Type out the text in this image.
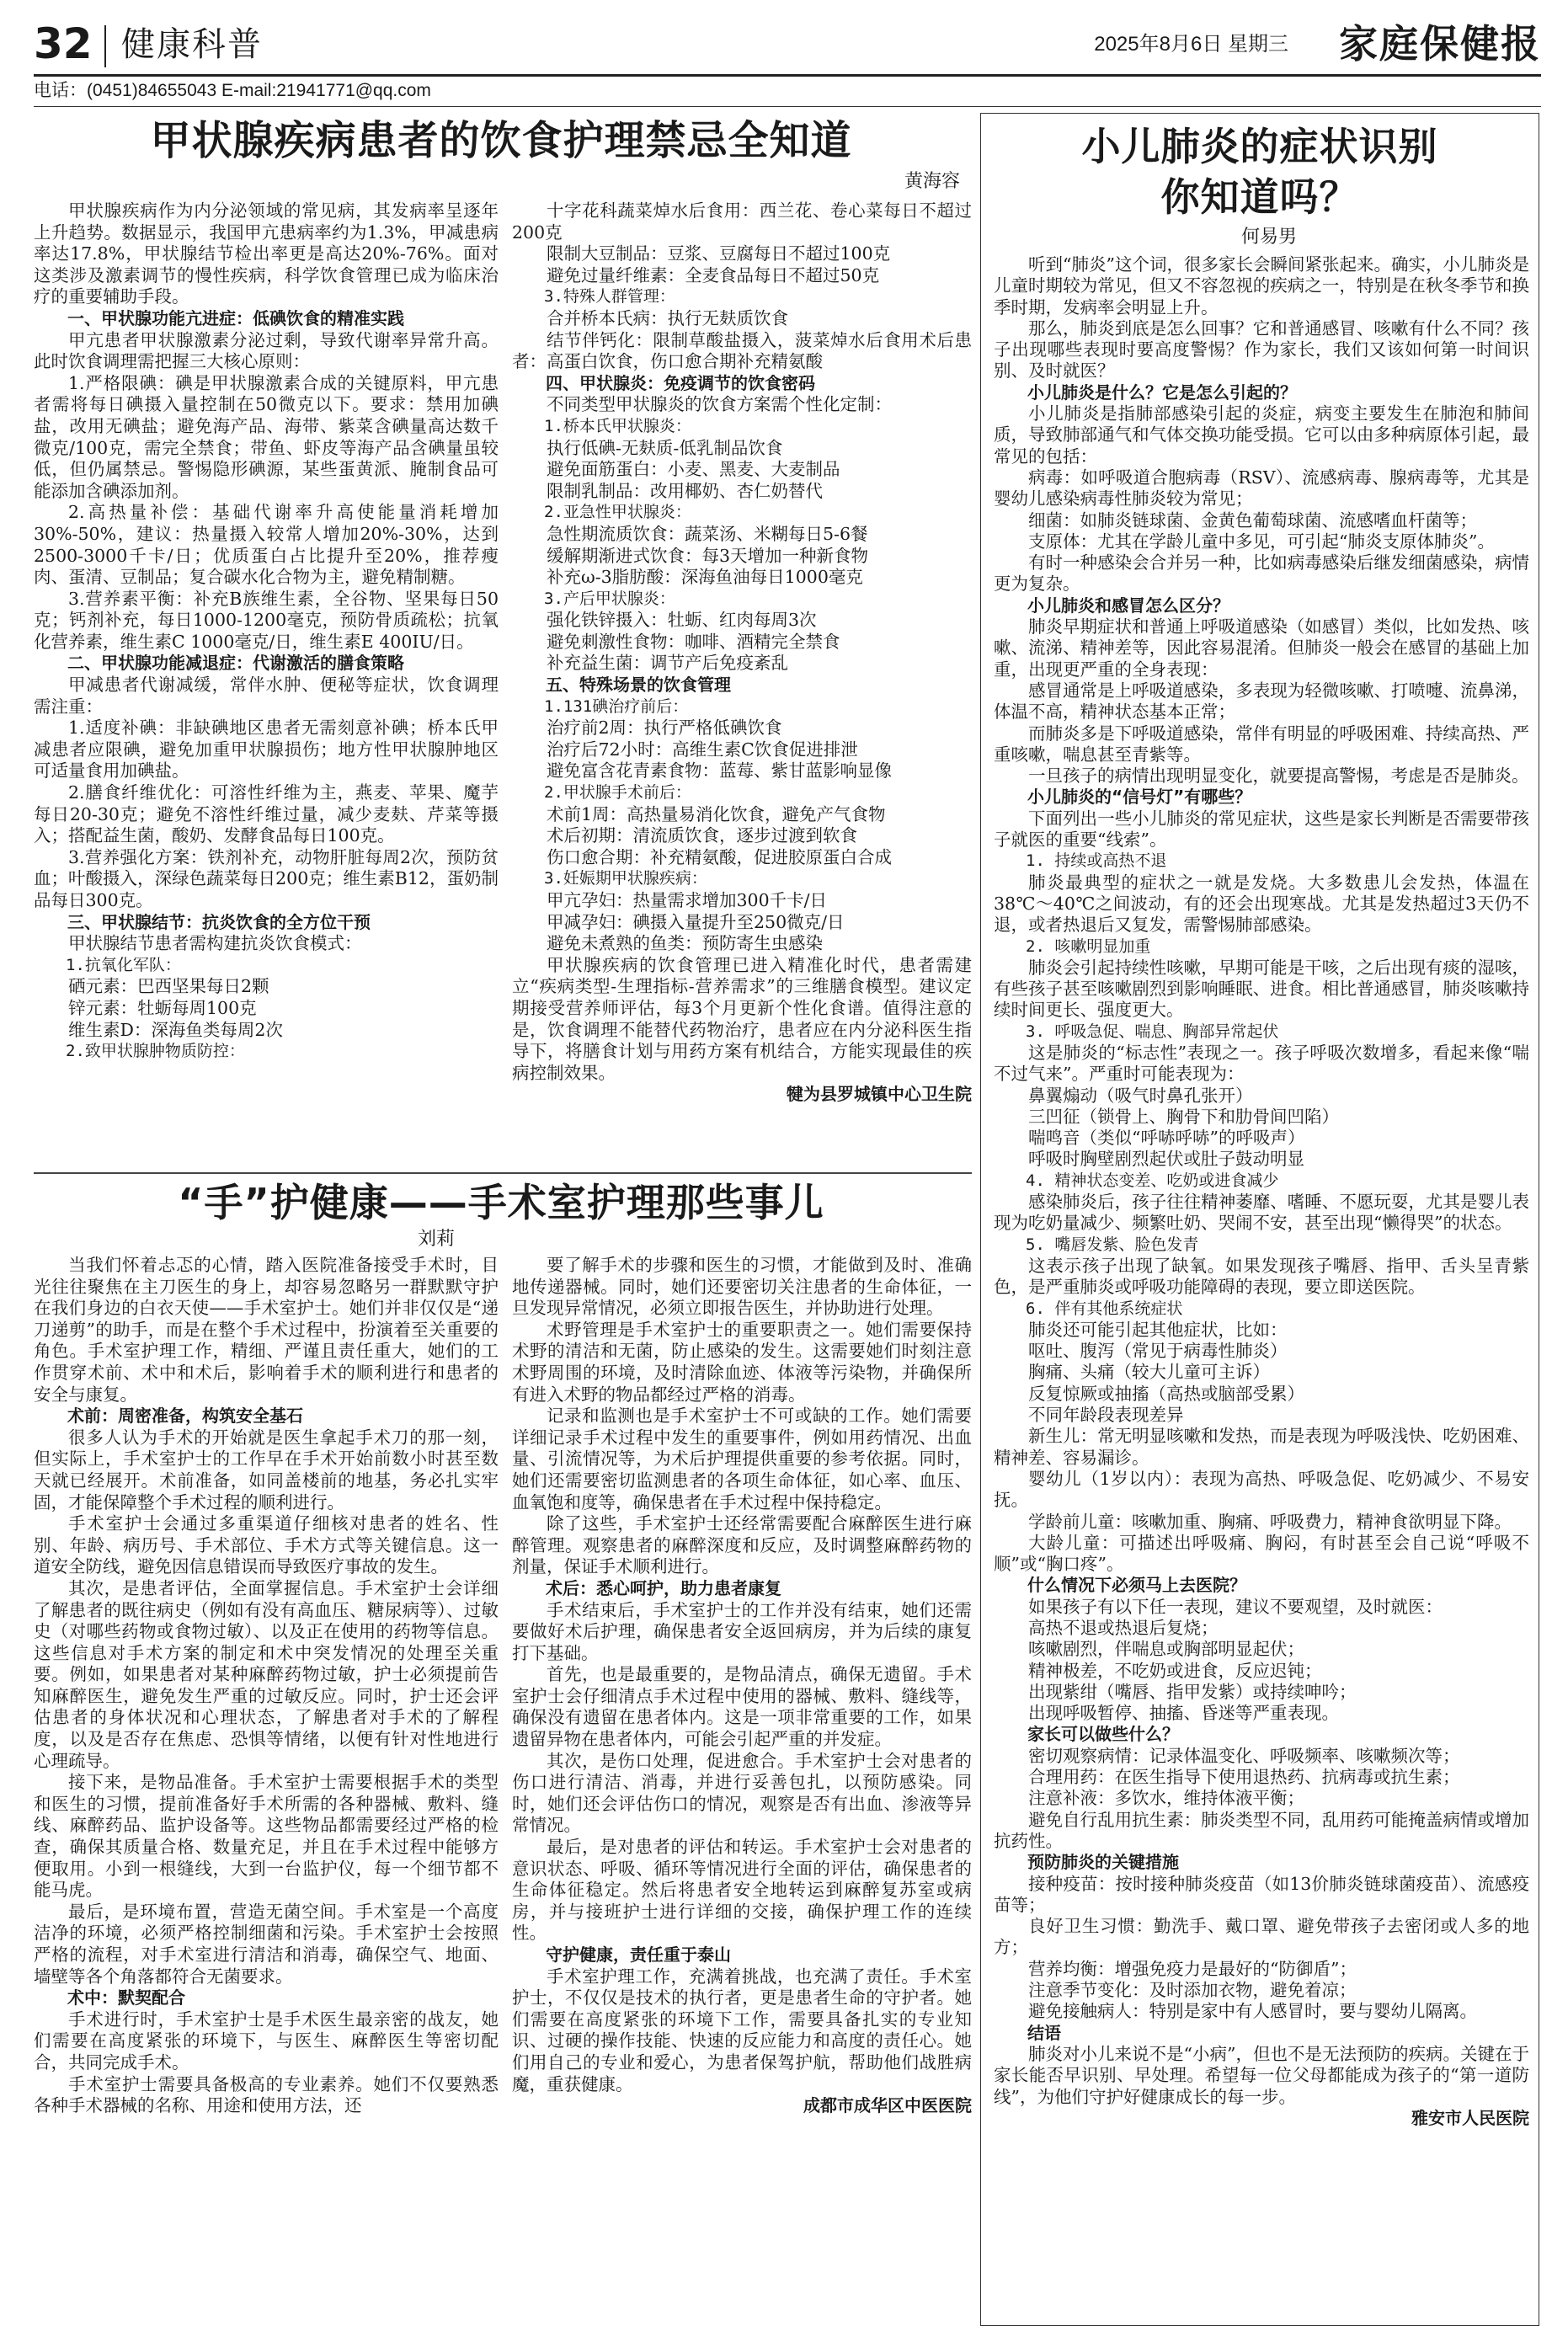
32 健康科普	2025年8月6日 星期三 家庭保健报
电话：(0451)84655043 E-mail:21941771@qq.com
甲状腺疾病患者的饮食护理禁忌全知道
黄海容

甲状腺疾病作为内分泌领域的常见病，其发病率呈逐年上升趋势。数据显示，我国甲亢患病率约为1.3%，甲减患病率达17.8%，甲状腺结节检出率更是高达20%-76%。面对这类涉及激素调节的慢性疾病，科学饮食管理已成为临床治疗的重要辅助手段。

一、甲状腺功能亢进症：低碘饮食的精准实践

甲亢患者甲状腺激素分泌过剩，导致代谢率异常升高。此时饮食调理需把握三大核心原则：

1.严格限碘：碘是甲状腺激素合成的关键原料，甲亢患者需将每日碘摄入量控制在50微克以下。要求：禁用加碘盐，改用无碘盐；避免海产品、海带、紫菜含碘量高达数千微克/100克，需完全禁食；带鱼、虾皮等海产品含碘量虽较低，但仍属禁忌。警惕隐形碘源，某些蛋黄派、腌制食品可能添加含碘添加剂。

2.高热量补偿：基础代谢率升高使能量消耗增加30%-50%，建议：热量摄入较常人增加20%-30%，达到2500-3000千卡/日；优质蛋白占比提升至20%，推荐瘦肉、蛋清、豆制品；复合碳水化合物为主，避免精制糖。

3.营养素平衡：补充B族维生素，全谷物、坚果每日50克；钙剂补充，每日1000-1200毫克，预防骨质疏松；抗氧化营养素，维生素C 1000毫克/日，维生素E 400IU/日。

二、甲状腺功能减退症：代谢激活的膳食策略

甲减患者代谢减缓，常伴水肿、便秘等症状，饮食调理需注重：

1.适度补碘：非缺碘地区患者无需刻意补碘；桥本氏甲减患者应限碘，避免加重甲状腺损伤；地方性甲状腺肿地区可适量食用加碘盐。

2.膳食纤维优化：可溶性纤维为主，燕麦、苹果、魔芋每日20-30克；避免不溶性纤维过量，减少麦麸、芹菜等摄入；搭配益生菌，酸奶、发酵食品每日100克。

3.营养强化方案：铁剂补充，动物肝脏每周2次，预防贫血；叶酸摄入，深绿色蔬菜每日200克；维生素B12，蛋奶制品每日300克。

三、甲状腺结节：抗炎饮食的全方位干预

甲状腺结节患者需构建抗炎饮食模式：

1.抗氧化军队：

硒元素：巴西坚果每日2颗

锌元素：牡蛎每周100克

维生素D：深海鱼类每周2次

2.致甲状腺肿物质防控：

十字花科蔬菜焯水后食用：西兰花、卷心菜每日不超过200克

限制大豆制品：豆浆、豆腐每日不超过100克

避免过量纤维素：全麦食品每日不超过50克

3.特殊人群管理：

合并桥本氏病：执行无麸质饮食

结节伴钙化：限制草酸盐摄入，菠菜焯水后食用术后患者：高蛋白饮食，伤口愈合期补充精氨酸

四、甲状腺炎：免疫调节的饮食密码

不同类型甲状腺炎的饮食方案需个性化定制：

1.桥本氏甲状腺炎：

执行低碘-无麸质-低乳制品饮食

避免面筋蛋白：小麦、黑麦、大麦制品

限制乳制品：改用椰奶、杏仁奶替代

2.亚急性甲状腺炎：

急性期流质饮食：蔬菜汤、米糊每日5-6餐

缓解期渐进式饮食：每3天增加一种新食物

补充ω-3脂肪酸：深海鱼油每日1000毫克

3.产后甲状腺炎：

强化铁锌摄入：牡蛎、红肉每周3次

避免刺激性食物：咖啡、酒精完全禁食

补充益生菌：调节产后免疫紊乱

五、特殊场景的饮食管理

1.131碘治疗前后：

治疗前2周：执行严格低碘饮食

治疗后72小时：高维生素C饮食促进排泄

避免富含花青素食物：蓝莓、紫甘蓝影响显像

2.甲状腺手术前后：

术前1周：高热量易消化饮食，避免产气食物

术后初期：清流质饮食，逐步过渡到软食

伤口愈合期：补充精氨酸，促进胶原蛋白合成

3.妊娠期甲状腺疾病：

甲亢孕妇：热量需求增加300千卡/日

甲减孕妇：碘摄入量提升至250微克/日

避免未煮熟的鱼类：预防寄生虫感染

甲状腺疾病的饮食管理已进入精准化时代，患者需建立“疾病类型-生理指标-营养需求”的三维膳食模型。建议定期接受营养师评估，每3个月更新个性化食谱。值得注意的是，饮食调理不能替代药物治疗，患者应在内分泌科医生指导下，将膳食计划与用药方案有机结合，方能实现最佳的疾病控制效果。

犍为县罗城镇中心卫生院

“手”护健康——手术室护理那些事儿
刘莉

当我们怀着忐忑的心情，踏入医院准备接受手术时，目光往往聚焦在主刀医生的身上，却容易忽略另一群默默守护在我们身边的白衣天使——手术室护士。她们并非仅仅是“递刀递剪”的助手，而是在整个手术过程中，扮演着至关重要的角色。手术室护理工作，精细、严谨且责任重大，她们的工作贯穿术前、术中和术后，影响着手术的顺利进行和患者的安全与康复。

术前：周密准备，构筑安全基石

很多人认为手术的开始就是医生拿起手术刀的那一刻，但实际上，手术室护士的工作早在手术开始前数小时甚至数天就已经展开。术前准备，如同盖楼前的地基，务必扎实牢固，才能保障整个手术过程的顺利进行。

手术室护士会通过多重渠道仔细核对患者的姓名、性别、年龄、病历号、手术部位、手术方式等关键信息。这一道安全防线，避免因信息错误而导致医疗事故的发生。

其次，是患者评估，全面掌握信息。手术室护士会详细了解患者的既往病史（例如有没有高血压、糖尿病等）、过敏史（对哪些药物或食物过敏）、以及正在使用的药物等信息。这些信息对手术方案的制定和术中突发情况的处理至关重要。例如，如果患者对某种麻醉药物过敏，护士必须提前告知麻醉医生，避免发生严重的过敏反应。同时，护士还会评估患者的身体状况和心理状态，了解患者对手术的了解程度，以及是否存在焦虑、恐惧等情绪，以便有针对性地进行心理疏导。

接下来，是物品准备。手术室护士需要根据手术的类型和医生的习惯，提前准备好手术所需的各种器械、敷料、缝线、麻醉药品、监护设备等。这些物品都需要经过严格的检查，确保其质量合格、数量充足，并且在手术过程中能够方便取用。小到一根缝线，大到一台监护仪，每一个细节都不能马虎。

最后，是环境布置，营造无菌空间。手术室是一个高度洁净的环境，必须严格控制细菌和污染。手术室护士会按照严格的流程，对手术室进行清洁和消毒，确保空气、地面、墙壁等各个角落都符合无菌要求。

术中：默契配合

手术进行时，手术室护士是手术医生最亲密的战友，她们需要在高度紧张的环境下，与医生、麻醉医生等密切配合，共同完成手术。

手术室护士需要具备极高的专业素养。她们不仅要熟悉各种手术器械的名称、用途和使用方法，还

要了解手术的步骤和医生的习惯，才能做到及时、准确地传递器械。同时，她们还要密切关注患者的生命体征，一旦发现异常情况，必须立即报告医生，并协助进行处理。

术野管理是手术室护士的重要职责之一。她们需要保持术野的清洁和无菌，防止感染的发生。这需要她们时刻注意术野周围的环境，及时清除血迹、体液等污染物，并确保所有进入术野的物品都经过严格的消毒。

记录和监测也是手术室护士不可或缺的工作。她们需要详细记录手术过程中发生的重要事件，例如用药情况、出血量、引流情况等，为术后护理提供重要的参考依据。同时，她们还需要密切监测患者的各项生命体征，如心率、血压、血氧饱和度等，确保患者在手术过程中保持稳定。

除了这些，手术室护士还经常需要配合麻醉医生进行麻醉管理。观察患者的麻醉深度和反应，及时调整麻醉药物的剂量，保证手术顺利进行。

术后：悉心呵护，助力患者康复

手术结束后，手术室护士的工作并没有结束，她们还需要做好术后护理，确保患者安全返回病房，并为后续的康复打下基础。

首先，也是最重要的，是物品清点，确保无遗留。手术室护士会仔细清点手术过程中使用的器械、敷料、缝线等，确保没有遗留在患者体内。这是一项非常重要的工作，如果遗留异物在患者体内，可能会引起严重的并发症。

其次，是伤口处理，促进愈合。手术室护士会对患者的伤口进行清洁、消毒，并进行妥善包扎，以预防感染。同时，她们还会评估伤口的情况，观察是否有出血、渗液等异常情况。

最后，是对患者的评估和转运。手术室护士会对患者的意识状态、呼吸、循环等情况进行全面的评估，确保患者的生命体征稳定。然后将患者安全地转运到麻醉复苏室或病房，并与接班护士进行详细的交接，确保护理工作的连续性。

守护健康，责任重于泰山

手术室护理工作，充满着挑战，也充满了责任。手术室护士，不仅仅是技术的执行者，更是患者生命的守护者。她们需要在高度紧张的环境下工作，需要具备扎实的专业知识、过硬的操作技能、快速的反应能力和高度的责任心。她们用自己的专业和爱心，为患者保驾护航，帮助他们战胜病魔，重获健康。

成都市成华区中医医院

小儿肺炎的症状识别
你知道吗？
何易男

听到“肺炎”这个词，很多家长会瞬间紧张起来。确实，小儿肺炎是儿童时期较为常见，但又不容忽视的疾病之一，特别是在秋冬季节和换季时期，发病率会明显上升。

那么，肺炎到底是怎么回事？它和普通感冒、咳嗽有什么不同？孩子出现哪些表现时要高度警惕？作为家长，我们又该如何第一时间识别、及时就医？

小儿肺炎是什么？它是怎么引起的？

小儿肺炎是指肺部感染引起的炎症，病变主要发生在肺泡和肺间质，导致肺部通气和气体交换功能受损。它可以由多种病原体引起，最常见的包括：

病毒：如呼吸道合胞病毒（RSV）、流感病毒、腺病毒等，尤其是婴幼儿感染病毒性肺炎较为常见；

细菌：如肺炎链球菌、金黄色葡萄球菌、流感嗜血杆菌等；

支原体：尤其在学龄儿童中多见，可引起“肺炎支原体肺炎”。

有时一种感染会合并另一种，比如病毒感染后继发细菌感染，病情更为复杂。

小儿肺炎和感冒怎么区分？

肺炎早期症状和普通上呼吸道感染（如感冒）类似，比如发热、咳嗽、流涕、精神差等，因此容易混淆。但肺炎一般会在感冒的基础上加重，出现更严重的全身表现：

感冒通常是上呼吸道感染，多表现为轻微咳嗽、打喷嚏、流鼻涕，体温不高，精神状态基本正常；

而肺炎多是下呼吸道感染，常伴有明显的呼吸困难、持续高热、严重咳嗽，喘息甚至青紫等。

一旦孩子的病情出现明显变化，就要提高警惕，考虑是否是肺炎。

小儿肺炎的“信号灯”有哪些？

下面列出一些小儿肺炎的常见症状，这些是家长判断是否需要带孩子就医的重要“线索”。

1. 持续或高热不退

肺炎最典型的症状之一就是发烧。大多数患儿会发热，体温在38℃～40℃之间波动，有的还会出现寒战。尤其是发热超过3天仍不退，或者热退后又复发，需警惕肺部感染。

2. 咳嗽明显加重

肺炎会引起持续性咳嗽，早期可能是干咳，之后出现有痰的湿咳，有些孩子甚至咳嗽剧烈到影响睡眠、进食。相比普通感冒，肺炎咳嗽持续时间更长、强度更大。

3. 呼吸急促、喘息、胸部异常起伏

这是肺炎的“标志性”表现之一。孩子呼吸次数增多，看起来像“喘不过气来”。严重时可能表现为：

鼻翼煽动（吸气时鼻孔张开）

三凹征（锁骨上、胸骨下和肋骨间凹陷）

喘鸣音（类似“呼哧呼哧”的呼吸声）

呼吸时胸壁剧烈起伏或肚子鼓动明显

4. 精神状态变差、吃奶或进食减少

感染肺炎后，孩子往往精神萎靡、嗜睡、不愿玩耍，尤其是婴儿表现为吃奶量减少、频繁吐奶、哭闹不安，甚至出现“懒得哭”的状态。

5. 嘴唇发紫、脸色发青

这表示孩子出现了缺氧。如果发现孩子嘴唇、指甲、舌头呈青紫色，是严重肺炎或呼吸功能障碍的表现，要立即送医院。

6. 伴有其他系统症状

肺炎还可能引起其他症状，比如：

呕吐、腹泻（常见于病毒性肺炎）

胸痛、头痛（较大儿童可主诉）

反复惊厥或抽搐（高热或脑部受累）

不同年龄段表现差异

新生儿：常无明显咳嗽和发热，而是表现为呼吸浅快、吃奶困难、精神差、容易漏诊。

婴幼儿（1岁以内）：表现为高热、呼吸急促、吃奶减少、不易安抚。

学龄前儿童：咳嗽加重、胸痛、呼吸费力，精神食欲明显下降。

大龄儿童：可描述出呼吸痛、胸闷，有时甚至会自己说“呼吸不顺”或“胸口疼”。

什么情况下必须马上去医院？

如果孩子有以下任一表现，建议不要观望，及时就医：

高热不退或热退后复烧；

咳嗽剧烈，伴喘息或胸部明显起伏；

精神极差，不吃奶或进食，反应迟钝；

出现紫绀（嘴唇、指甲发紫）或持续呻吟；

出现呼吸暂停、抽搐、昏迷等严重表现。

家长可以做些什么？

密切观察病情：记录体温变化、呼吸频率、咳嗽频次等；

合理用药：在医生指导下使用退热药、抗病毒或抗生素；

注意补液：多饮水，维持体液平衡；

避免自行乱用抗生素：肺炎类型不同，乱用药可能掩盖病情或增加抗药性。

预防肺炎的关键措施

接种疫苗：按时接种肺炎疫苗（如13价肺炎链球菌疫苗）、流感疫苗等；

良好卫生习惯：勤洗手、戴口罩、避免带孩子去密闭或人多的地方；

营养均衡：增强免疫力是最好的“防御盾”；

注意季节变化：及时添加衣物，避免着凉；

避免接触病人：特别是家中有人感冒时，要与婴幼儿隔离。

结语

肺炎对小儿来说不是“小病”，但也不是无法预防的疾病。关键在于家长能否早识别、早处理。希望每一位父母都能成为孩子的“第一道防线”，为他们守护好健康成长的每一步。

雅安市人民医院
